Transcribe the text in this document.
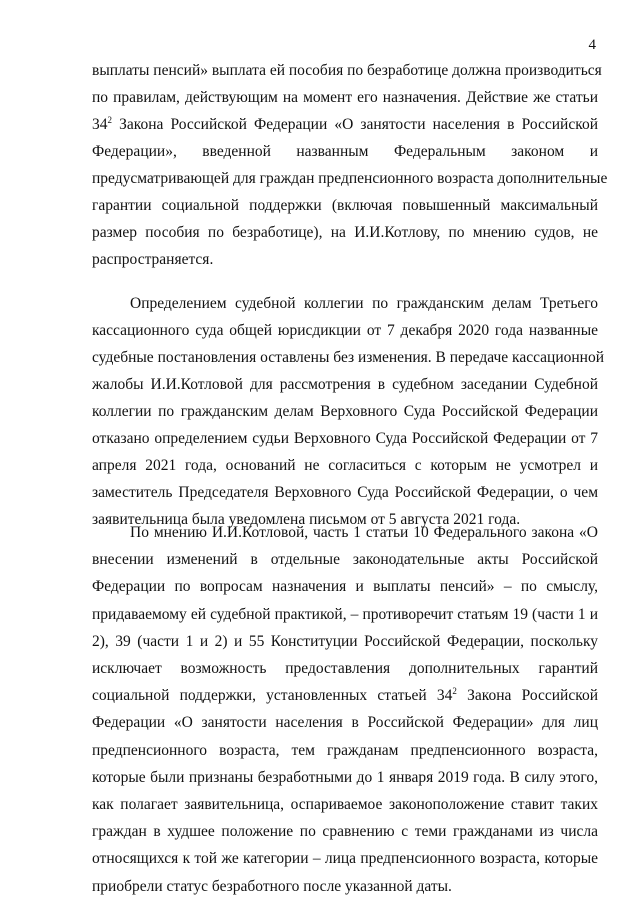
4
выплаты пенсий» выплата ей пособия по безработице должна производиться
по правилам, действующим на момент его назначения. Действие же статьи
$34^2$ Закона Российской Федерации «О занятости населения в Российской
Федерации», введенной названным Федеральным законом и
предусматривающей для граждан предпенсионного возраста дополнительные
гарантии социальной поддержки (включая повышенный максимальный
размер пособия по безработице), на И.И.Котлову, по мнению судов, не
распространяется.
Определением судебной коллегии по гражданским делам Третьего
кассационного суда общей юрисдикции от 7 декабря 2020 года названные
судебные постановления оставлены без изменения. В передаче кассационной
жалобы И.И.Котловой для рассмотрения в судебном заседании Судебной
коллегии по гражданским делам Верховного Суда Российской Федерации
отказано определением судьи Верховного Суда Российской Федерации от 7
апреля 2021 года, оснований не согласиться с которым не усмотрел и
заместитель Председателя Верховного Суда Российской Федерации, о чем
заявительница была уведомлена письмом от 5 августа 2021 года.
По мнению И.И.Котловой, часть 1 статьи 10 Федерального закона «О
внесении изменений в отдельные законодательные акты Российской
Федерации по вопросам назначения и выплаты пенсий» – по смыслу,
придаваемому ей судебной практикой, – противоречит статьям 19 (части 1 и
2), 39 (части 1 и 2) и 55 Конституции Российской Федерации, поскольку
исключает возможность предоставления дополнительных гарантий
социальной поддержки, установленных статьей $34^2$ Закона Российской
Федерации «О занятости населения в Российской Федерации» для лиц
предпенсионного возраста, тем гражданам предпенсионного возраста,
которые были признаны безработными до 1 января 2019 года. В силу этого,
как полагает заявительница, оспариваемое законоположение ставит таких
граждан в худшее положение по сравнению с теми гражданами из числа
относящихся к той же категории – лица предпенсионного возраста, которые
приобрели статус безработного после указанной даты.
